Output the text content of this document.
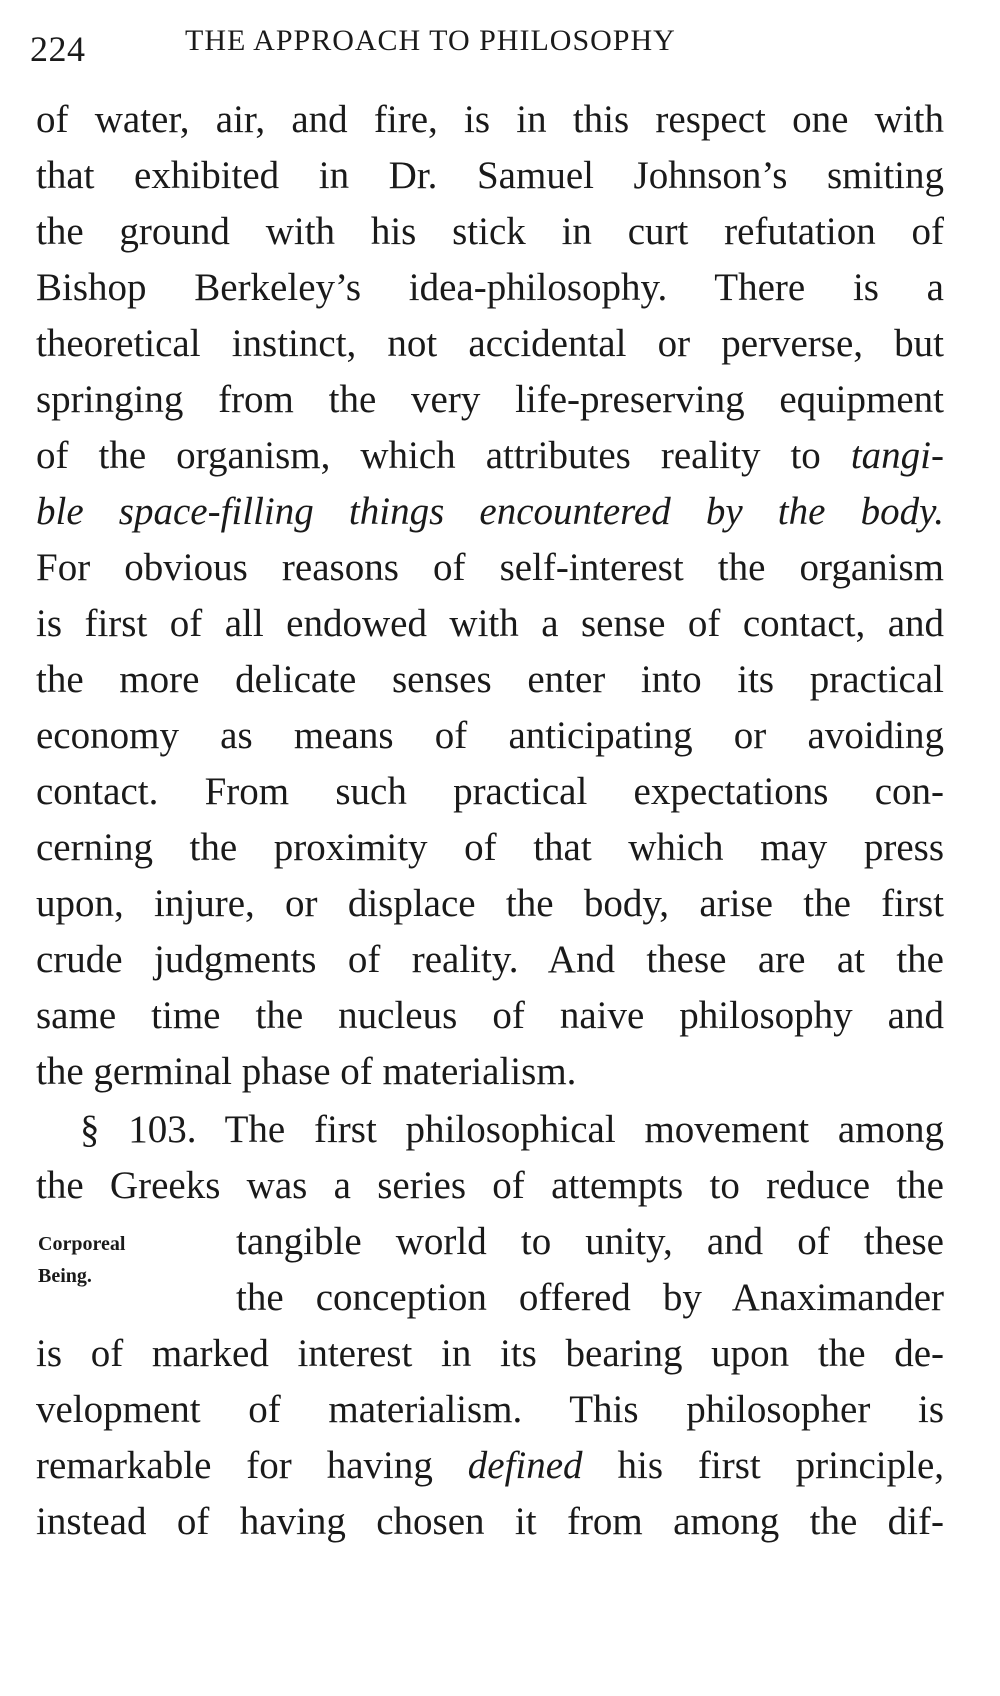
224	THE APPROACH TO PHILOSOPHY
of water, air, and fire, is in this respect one with
that exhibited in Dr. Samuel Johnson’s smiting
the ground with his stick in curt refutation of
Bishop Berkeley’s idea-philosophy. There is a
theoretical instinct, not accidental or perverse, but
springing from the very life-preserving equipment
of the organism, which attributes reality to tangi-
ble space-filling things encountered by the body.
For obvious reasons of self-interest the organism
is first of all endowed with a sense of contact, and
the more delicate senses enter into its practical
economy as means of anticipating or avoiding
contact. From such practical expectations con-
cerning the proximity of that which may press
upon, injure, or displace the body, arise the first
crude judgments of reality. And these are at the
same time the nucleus of naive philosophy and
the germinal phase of materialism.
§ 103. The first philosophical movement among
the Greeks was a series of attempts to reduce the
Corporeal
Being.
tangible world to unity, and of these
the conception offered by Anaximander
is of marked interest in its bearing upon the de-
velopment of materialism. This philosopher is
remarkable for having defined his first principle,
instead of having chosen it from among the dif-
